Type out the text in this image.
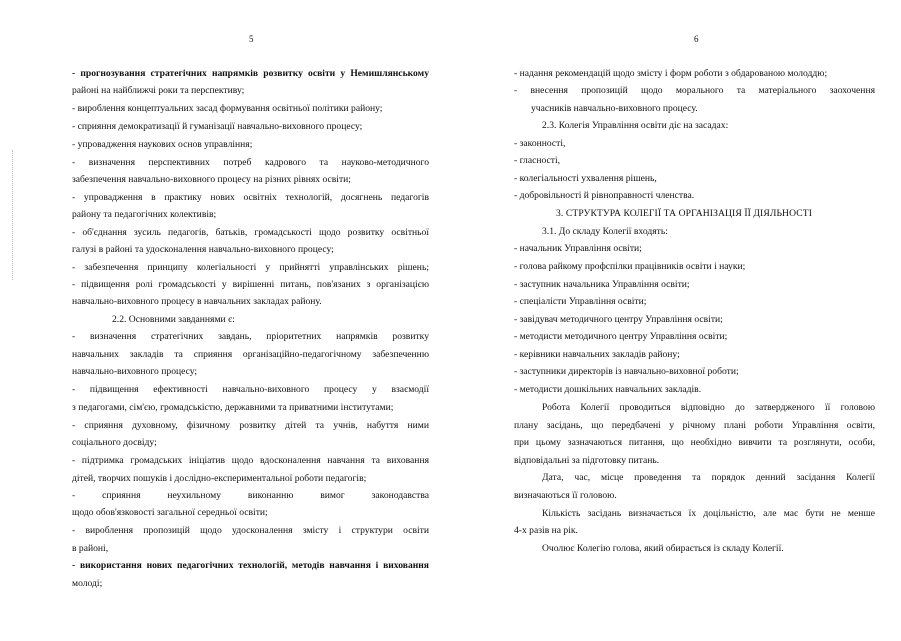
5
- прогнозування стратегічних напрямків розвитку освіти у Немишлянському
районі на найближчі роки та перспективу;
- вироблення концептуальних засад формування освітньої політики району;
- сприяння демократизації й гуманізації навчально-виховного процесу;
- упровадження наукових основ управління;
- визначення перспективних потреб кадрового та науково-методичного
забезпечення навчально-виховного процесу на різних рівнях освіти;
- упровадження в практику нових освітніх технологій, досягнень педагогів
району та педагогічних колективів;
- об'єднання зусиль педагогів, батьків, громадськості щодо розвитку освітньої
галузі в районі та удосконалення навчально-виховного процесу;
- забезпечення принципу колегіальності у прийнятті управлінських рішень;
- підвищення ролі громадськості у вирішенні питань, пов'язаних з організацією
навчально-виховного процесу в навчальних закладах району.
2.2. Основними завданнями є:
- визначення стратегічних завдань, пріоритетних напрямків розвитку
навчальних закладів та сприяння організаційно-педагогічному забезпеченню
навчально-виховного процесу;
- підвищення ефективності навчально-виховного процесу у взаємодії
з педагогами, сім'єю, громадськістю, державними та приватними інститутами;
- сприяння духовному, фізичному розвитку дітей та учнів, набуття ними
соціального досвіду;
- підтримка громадських ініціатив щодо вдосконалення навчання та виховання
дітей, творчих пошуків і дослідно-експериментальної роботи педагогів;
- сприяння неухильному виконанню вимог законодавства
щодо обов'язковості загальної середньої освіти;
- вироблення пропозицій щодо удосконалення змісту і структури освіти
в районі,
- використання нових педагогічних технологій, методів навчання і виховання
молоді;
6
- надання рекомендацій щодо змісту і форм роботи з обдарованою молоддю;
- внесення пропозицій щодо морального та матеріального заохочення
учасників навчально-виховного процесу.
2.3. Колегія Управління освіти діє на засадах:
- законності,
- гласності,
- колегіальності ухвалення рішень,
- добровільності й рівноправності членства.
3. СТРУКТУРА КОЛЕГІЇ ТА ОРГАНІЗАЦІЯ ЇЇ ДІЯЛЬНОСТІ
3.1. До складу Колегії входять:
- начальник Управління освіти;
- голова райкому профспілки працівників освіти і науки;
- заступник начальника Управління освіти;
- спеціалісти Управління освіти;
- завідувач методичного центру Управління освіти;
- методисти методичного центру Управління освіти;
- керівники навчальних закладів району;
- заступники директорів із навчально-виховної роботи;
- методисти дошкільних навчальних закладів.
Робота Колегії проводиться відповідно до затвердженого її головою
плану засідань, що передбачені у річному плані роботи Управління освіти,
при цьому зазначаються питання, що необхідно вивчити та розглянути, особи,
відповідальні за підготовку питань.
Дата, час, місце проведення та порядок денний засідання Колегії
визначаються її головою.
Кількість засідань визначається їх доцільністю, але має бути не менше
4-х разів на рік.
Очолює Колегію голова, який обирається із складу Колегії.
